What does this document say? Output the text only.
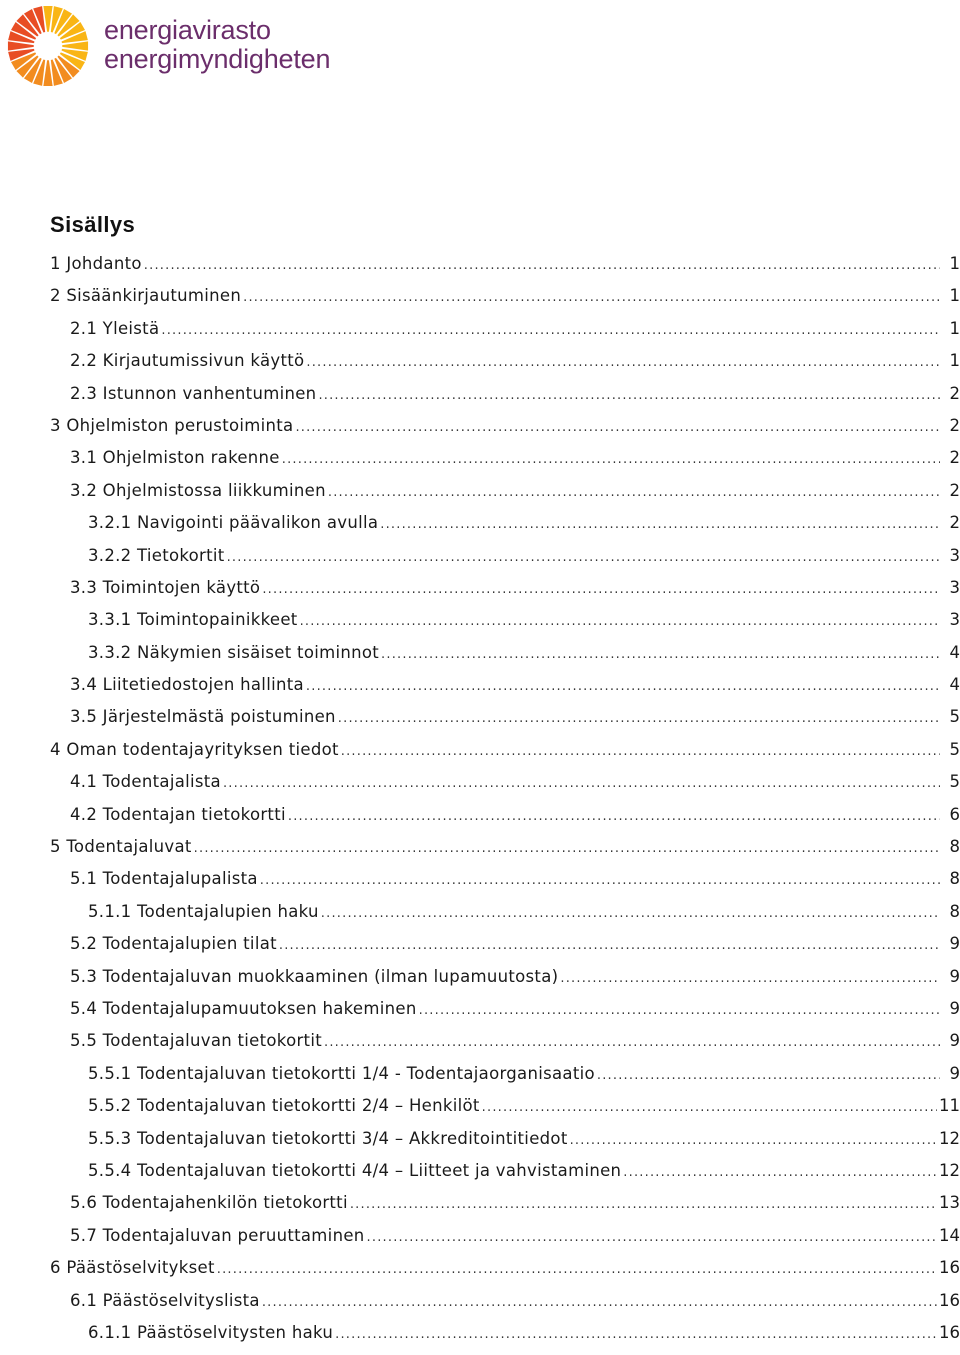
energiavirasto
energimyndigheten
Sisällys
1 Johdanto .....	1
2 Sisäänkirjautuminen .....	1
2.1 Yleistä .....	1
2.2 Kirjautumissivun käyttö .....	1
2.3 Istunnon vanhentuminen .....	2
3 Ohjelmiston perustoiminta .....	2
3.1 Ohjelmiston rakenne .....	2
3.2 Ohjelmistossa liikkuminen .....	2
3.2.1 Navigointi päävalikon avulla .....	2
3.2.2 Tietokortit .....	3
3.3 Toimintojen käyttö .....	3
3.3.1 Toimintopainikkeet .....	3
3.3.2 Näkymien sisäiset toiminnot .....	4
3.4 Liitetiedostojen hallinta .....	4
3.5 Järjestelmästä poistuminen .....	5
4 Oman todentajayrityksen tiedot .....	5
4.1 Todentajalista .....	5
4.2 Todentajan tietokortti .....	6
5 Todentajaluvat .....	8
5.1 Todentajalupalista .....	8
5.1.1 Todentajalupien haku .....	8
5.2 Todentajalupien tilat .....	9
5.3 Todentajaluvan muokkaaminen (ilman lupamuutosta) .....	9
5.4 Todentajalupamuutoksen hakeminen .....	9
5.5 Todentajaluvan tietokortit .....	9
5.5.1 Todentajaluvan tietokortti 1/4 - Todentajaorganisaatio .....	9
5.5.2 Todentajaluvan tietokortti 2/4 – Henkilöt .....	11
5.5.3 Todentajaluvan tietokortti 3/4 – Akkreditointitiedot .....	12
5.5.4 Todentajaluvan tietokortti 4/4 – Liitteet ja vahvistaminen .....	12
5.6 Todentajahenkilön tietokortti .....	13
5.7 Todentajaluvan peruuttaminen .....	14
6 Päästöselvitykset .....	16
6.1 Päästöselvityslista .....	16
6.1.1 Päästöselvitysten haku .....	16
